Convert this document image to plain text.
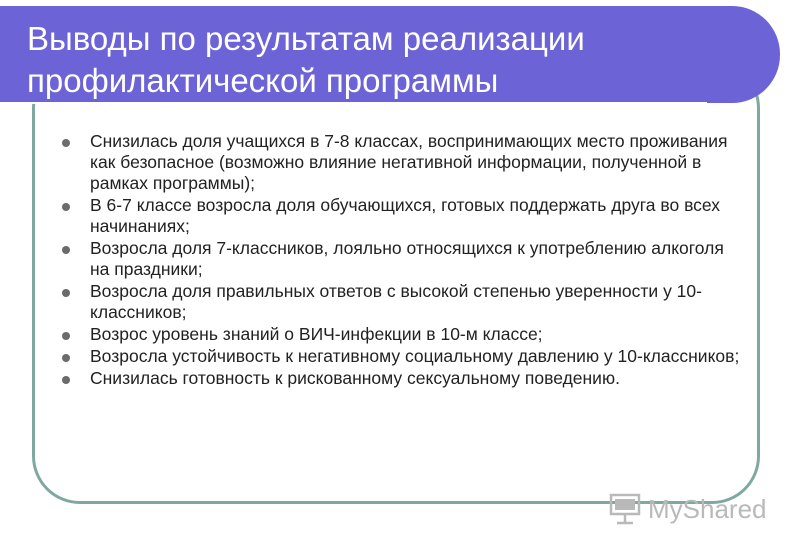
Выводы по результатам реализации
профилактической программы
Снизилась доля учащихся в 7-8 классах, воспринимающих место проживания как безопасное (возможно влияние негативной информации, полученной в рамках программы);
В 6-7 классе возросла доля обучающихся, готовых поддержать друга во всех начинаниях;
Возросла доля 7-классников, лояльно относящихся к употреблению алкоголя на праздники;
Возросла доля правильных ответов с высокой степенью уверенности у 10-классников;
Возрос уровень знаний о ВИЧ-инфекции в 10-м классе;
Возросла устойчивость к негативному социальному давлению у 10-классников;
Снизилась готовность к рискованному сексуальному поведению.
MyShared
